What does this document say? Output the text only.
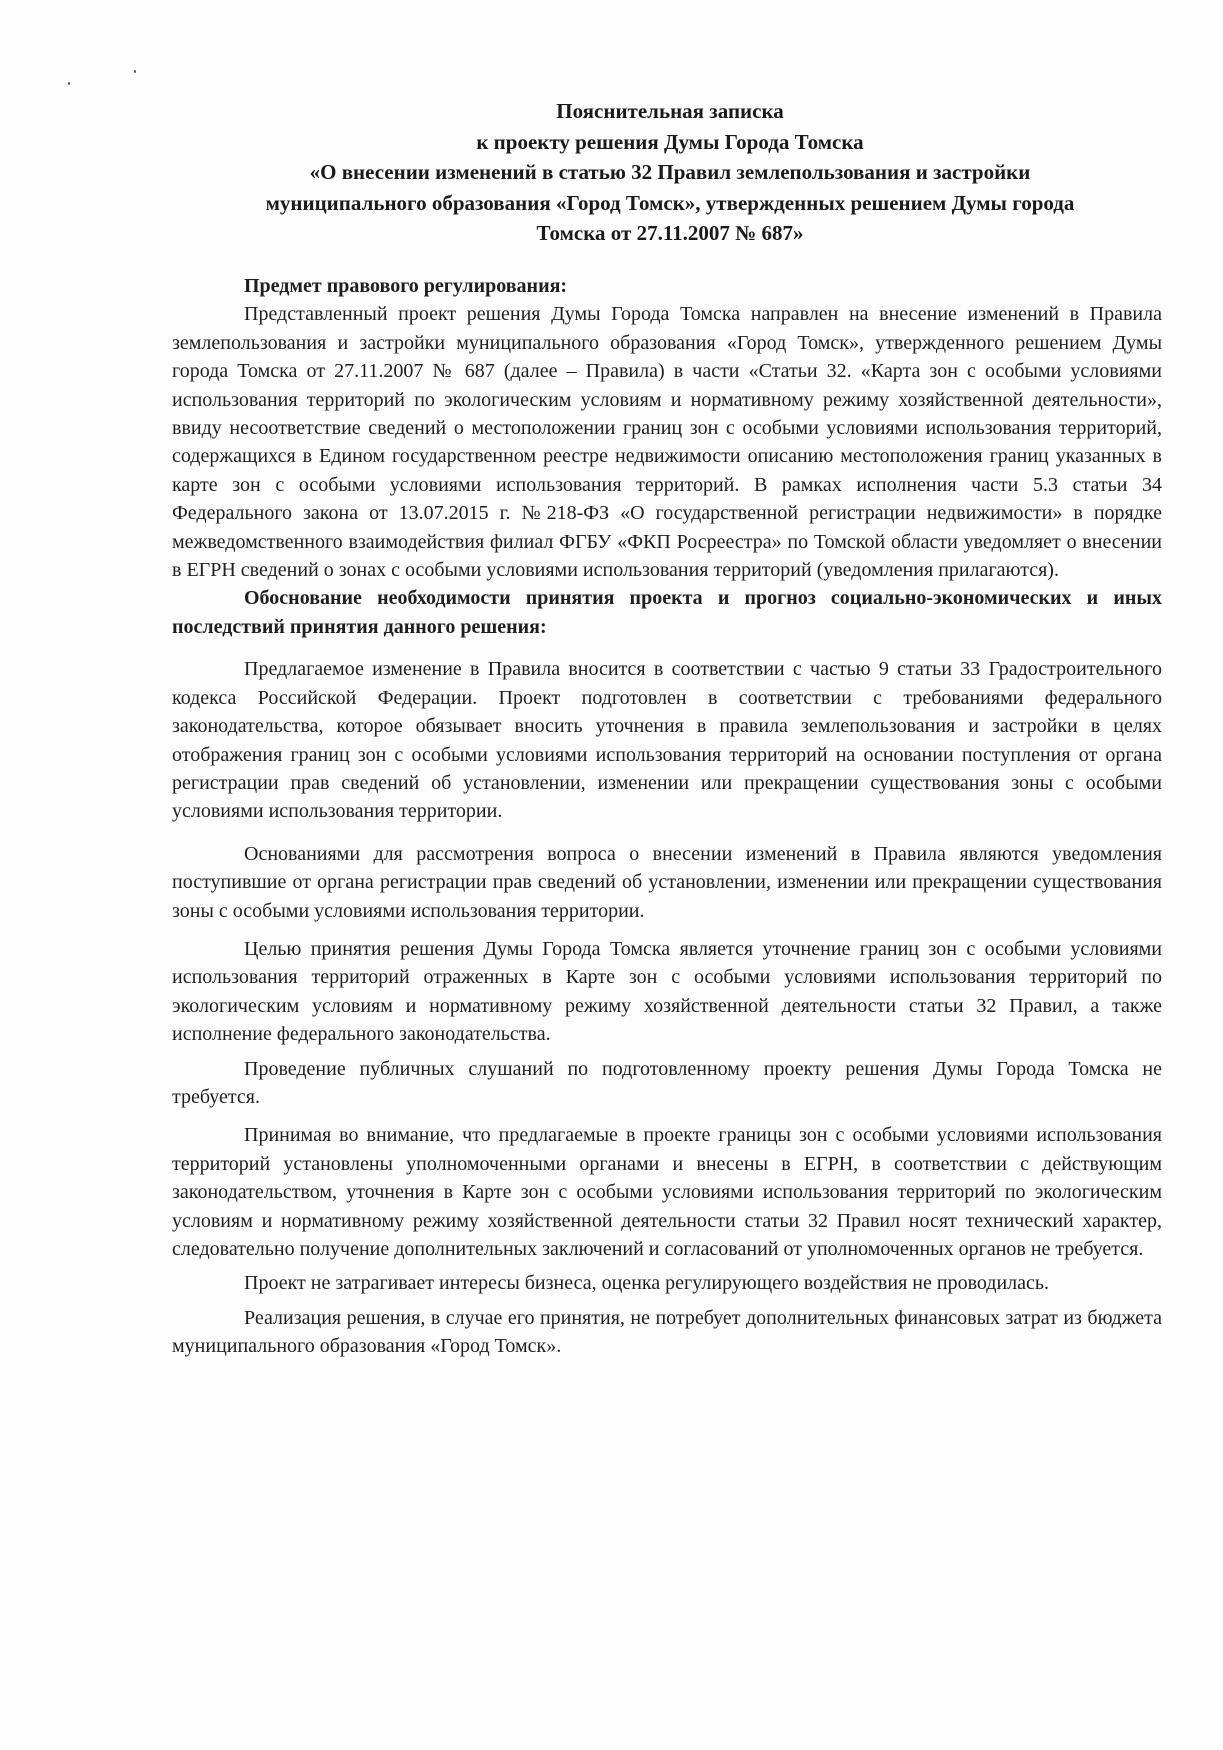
Пояснительная записка
к проекту решения Думы Города Томска
«О внесении изменений в статью 32 Правил землепользования и застройки
муниципального образования «Город Томск», утвержденных решением Думы города
Томска от 27.11.2007 № 687»
Предмет правового регулирования:

Представленный проект решения Думы Города Томска направлен на внесение изменений в Правила землепользования и застройки муниципального образования «Город Томск», утвержденного решением Думы города Томска от 27.11.2007 № 687 (далее – Правила) в части «Статьи 32. «Карта зон с особыми условиями использования территорий по экологическим условиям и нормативному режиму хозяйственной деятельности», ввиду несоответствие сведений о местоположении границ зон с особыми условиями использования территорий, содержащихся в Едином государственном реестре недвижимости описанию местоположения границ указанных в карте зон с особыми условиями использования территорий. В рамках исполнения части 5.3 статьи 34 Федерального закона от 13.07.2015 г. №218-ФЗ «О государственной регистрации недвижимости» в порядке межведомственного взаимодействия филиал ФГБУ «ФКП Росреестра» по Томской области уведомляет о внесении в ЕГРН сведений о зонах с особыми условиями использования территорий (уведомления прилагаются).

Обоснование необходимости принятия проекта и прогноз социально-экономических и иных последствий принятия данного решения:

Предлагаемое изменение в Правила вносится в соответствии с частью 9 статьи 33 Градостроительного кодекса Российской Федерации. Проект подготовлен в соответствии с требованиями федерального законодательства, которое обязывает вносить уточнения в правила землепользования и застройки в целях отображения границ зон с особыми условиями использования территорий на основании поступления от органа регистрации прав сведений об установлении, изменении или прекращении существования зоны с особыми условиями использования территории.

Основаниями для рассмотрения вопроса о внесении изменений в Правила являются уведомления поступившие от органа регистрации прав сведений об установлении, изменении или прекращении существования зоны с особыми условиями использования территории.

Целью принятия решения Думы Города Томска является уточнение границ зон с особыми условиями использования территорий отраженных в Карте зон с особыми условиями использования территорий по экологическим условиям и нормативному режиму хозяйственной деятельности статьи 32 Правил, а также исполнение федерального законодательства.

Проведение публичных слушаний по подготовленному проекту решения Думы Города Томска не требуется.

Принимая во внимание, что предлагаемые в проекте границы зон с особыми условиями использования территорий установлены уполномоченными органами и внесены в ЕГРН, в соответствии с действующим законодательством, уточнения в Карте зон с особыми условиями использования территорий по экологическим условиям и нормативному режиму хозяйственной деятельности статьи 32 Правил носят технический характер, следовательно получение дополнительных заключений и согласований от уполномоченных органов не требуется.

Проект не затрагивает интересы бизнеса, оценка регулирующего воздействия не проводилась.

Реализация решения, в случае его принятия, не потребует дополнительных финансовых затрат из бюджета муниципального образования «Город Томск».
